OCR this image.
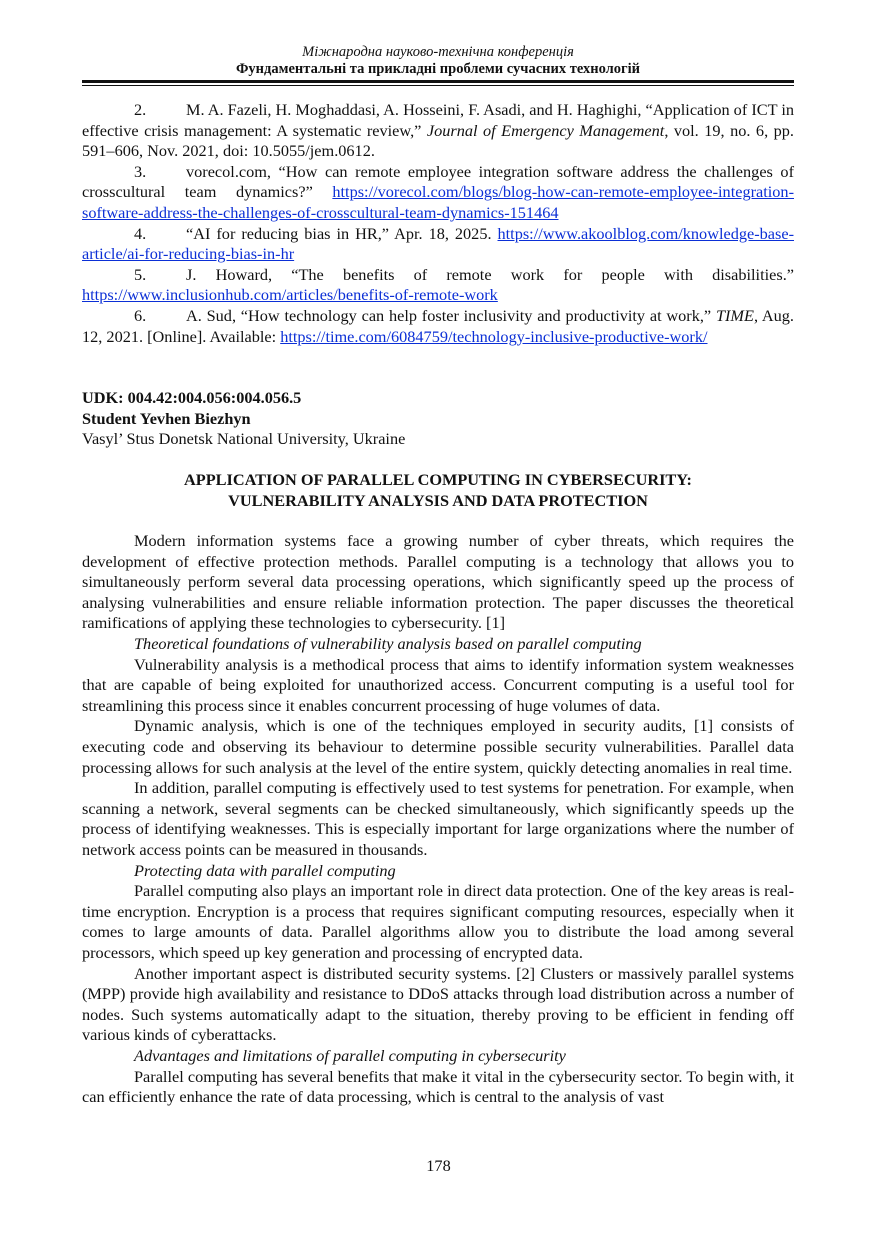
Міжнародна науково-технічна конференція
Фундаментальні та прикладні проблеми сучасних технологій

2. M. A. Fazeli, H. Moghaddasi, A. Hosseini, F. Asadi, and H. Haghighi, “Application of ICT in effective crisis management: A systematic review,” Journal of Emergency Management, vol. 19, no. 6, pp. 591–606, Nov. 2021, doi: 10.5055/jem.0612.

3. vorecol.com, “How can remote employee integration software address the challenges of crosscultural team dynamics?” https://vorecol.com/blogs/blog-how-can-remote-employee-integration-software-address-the-challenges-of-crosscultural-team-dynamics-151464

4. “AI for reducing bias in HR,” Apr. 18, 2025. https://www.akoolblog.com/knowledge-base-article/ai-for-reducing-bias-in-hr

5. J. Howard, “The benefits of remote work for people with disabilities.” https://www.inclusionhub.com/articles/benefits-of-remote-work

6. A. Sud, “How technology can help foster inclusivity and productivity at work,” TIME, Aug. 12, 2021. [Online]. Available: https://time.com/6084759/technology-inclusive-productive-work/

UDK: 004.42:004.056:004.056.5
Student Yevhen Biezhyn
Vasyl’ Stus Donetsk National University, Ukraine
APPLICATION OF PARALLEL COMPUTING IN CYBERSECURITY:
VULNERABILITY ANALYSIS AND DATA PROTECTION

Modern information systems face a growing number of cyber threats, which requires the development of effective protection methods. Parallel computing is a technology that allows you to simultaneously perform several data processing operations, which significantly speed up the process of analysing vulnerabilities and ensure reliable information protection. The paper discusses the theoretical ramifications of applying these technologies to cybersecurity. [1]

Theoretical foundations of vulnerability analysis based on parallel computing

Vulnerability analysis is a methodical process that aims to identify information system weaknesses that are capable of being exploited for unauthorized access. Concurrent computing is a useful tool for streamlining this process since it enables concurrent processing of huge volumes of data.

Dynamic analysis, which is one of the techniques employed in security audits, [1] consists of executing code and observing its behaviour to determine possible security vulnerabilities. Parallel data processing allows for such analysis at the level of the entire system, quickly detecting anomalies in real time.

In addition, parallel computing is effectively used to test systems for penetration. For example, when scanning a network, several segments can be checked simultaneously, which significantly speeds up the process of identifying weaknesses. This is especially important for large organizations where the number of network access points can be measured in thousands.

Protecting data with parallel computing

Parallel computing also plays an important role in direct data protection. One of the key areas is real-time encryption. Encryption is a process that requires significant computing resources, especially when it comes to large amounts of data. Parallel algorithms allow you to distribute the load among several processors, which speed up key generation and processing of encrypted data.

Another important aspect is distributed security systems. [2] Clusters or massively parallel systems (MPP) provide high availability and resistance to DDoS attacks through load distribution across a number of nodes. Such systems automatically adapt to the situation, thereby proving to be efficient in fending off various kinds of cyberattacks.

Advantages and limitations of parallel computing in cybersecurity

Parallel computing has several benefits that make it vital in the cybersecurity sector. To begin with, it can efficiently enhance the rate of data processing, which is central to the analysis of vast

178
